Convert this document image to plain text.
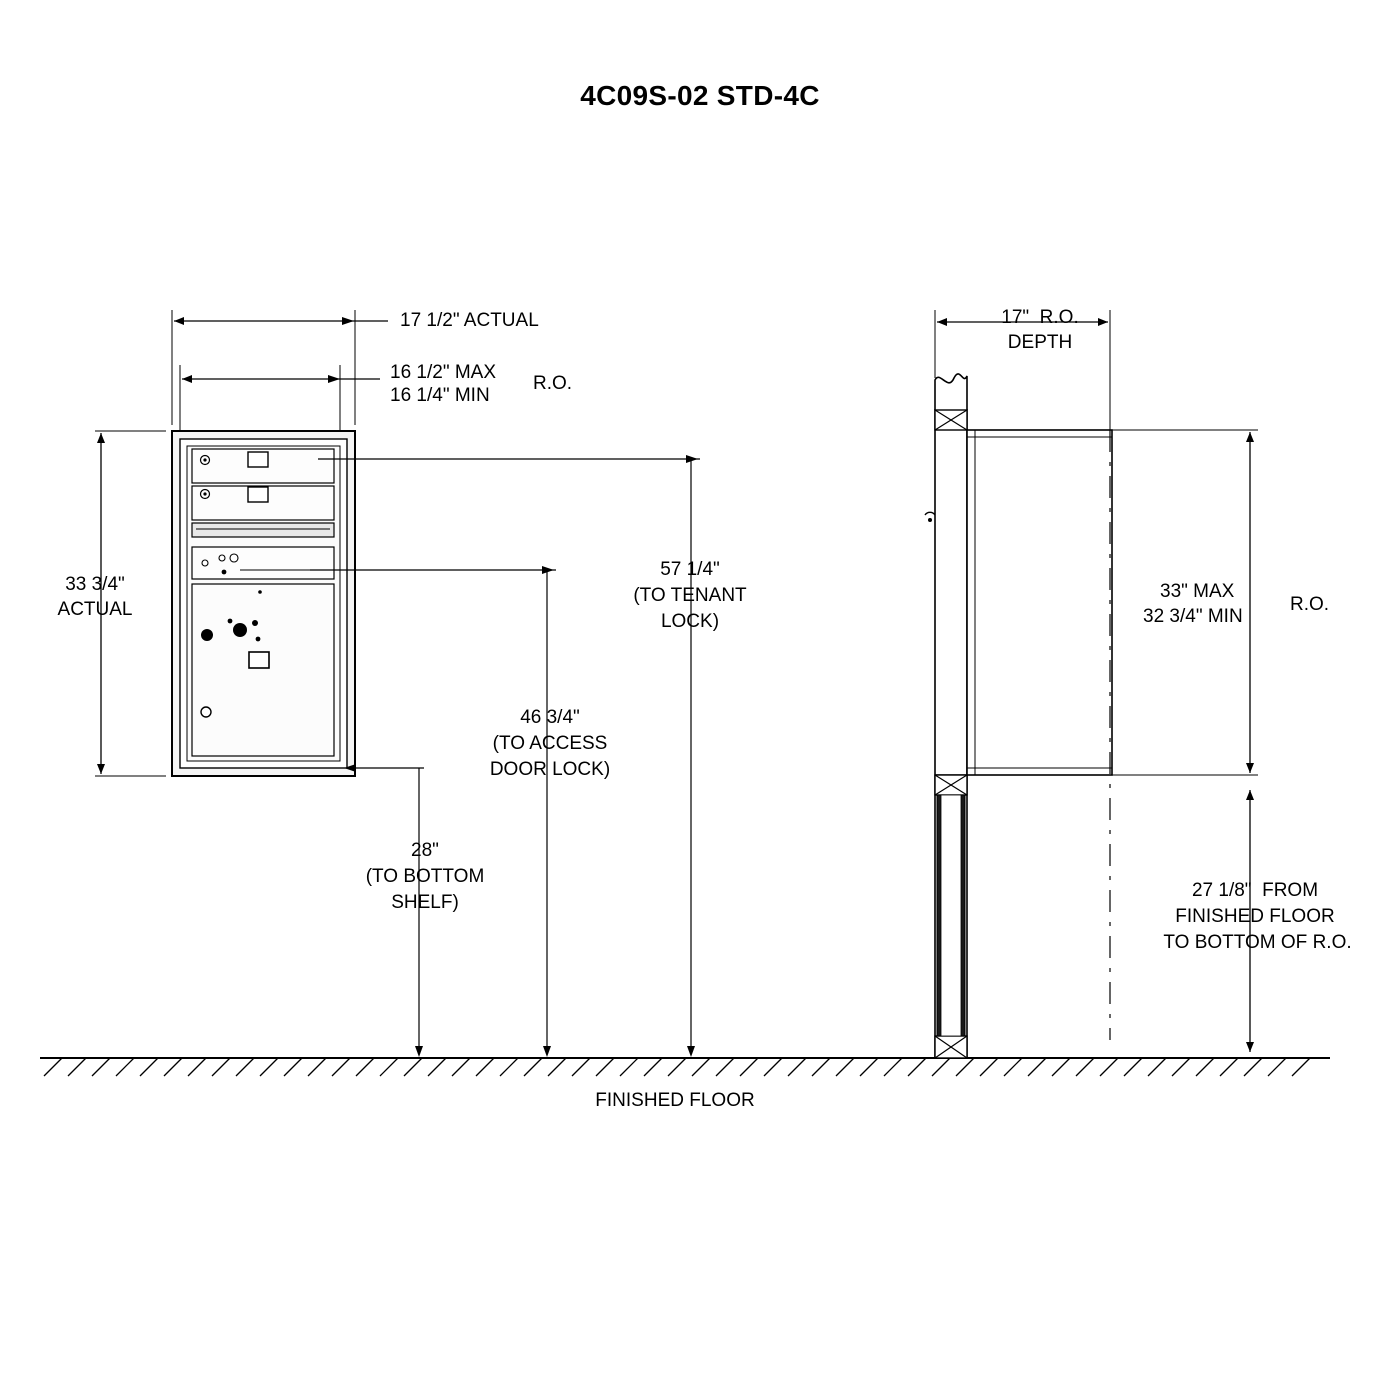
4C09S-02 STD-4C
17 1/2" ACTUAL
16 1/2" MAX
16 1/4" MIN
R.O.
33 3/4"
ACTUAL
57 1/4"
(TO TENANT
LOCK)
46 3/4"
(TO ACCESS
DOOR LOCK)
28"
(TO BOTTOM
SHELF)
FINISHED FLOOR
17"  R.O.
DEPTH
33" MAX
32 3/4" MIN
R.O.
27 1/8"  FROM
FINISHED FLOOR
TO BOTTOM OF R.O.
